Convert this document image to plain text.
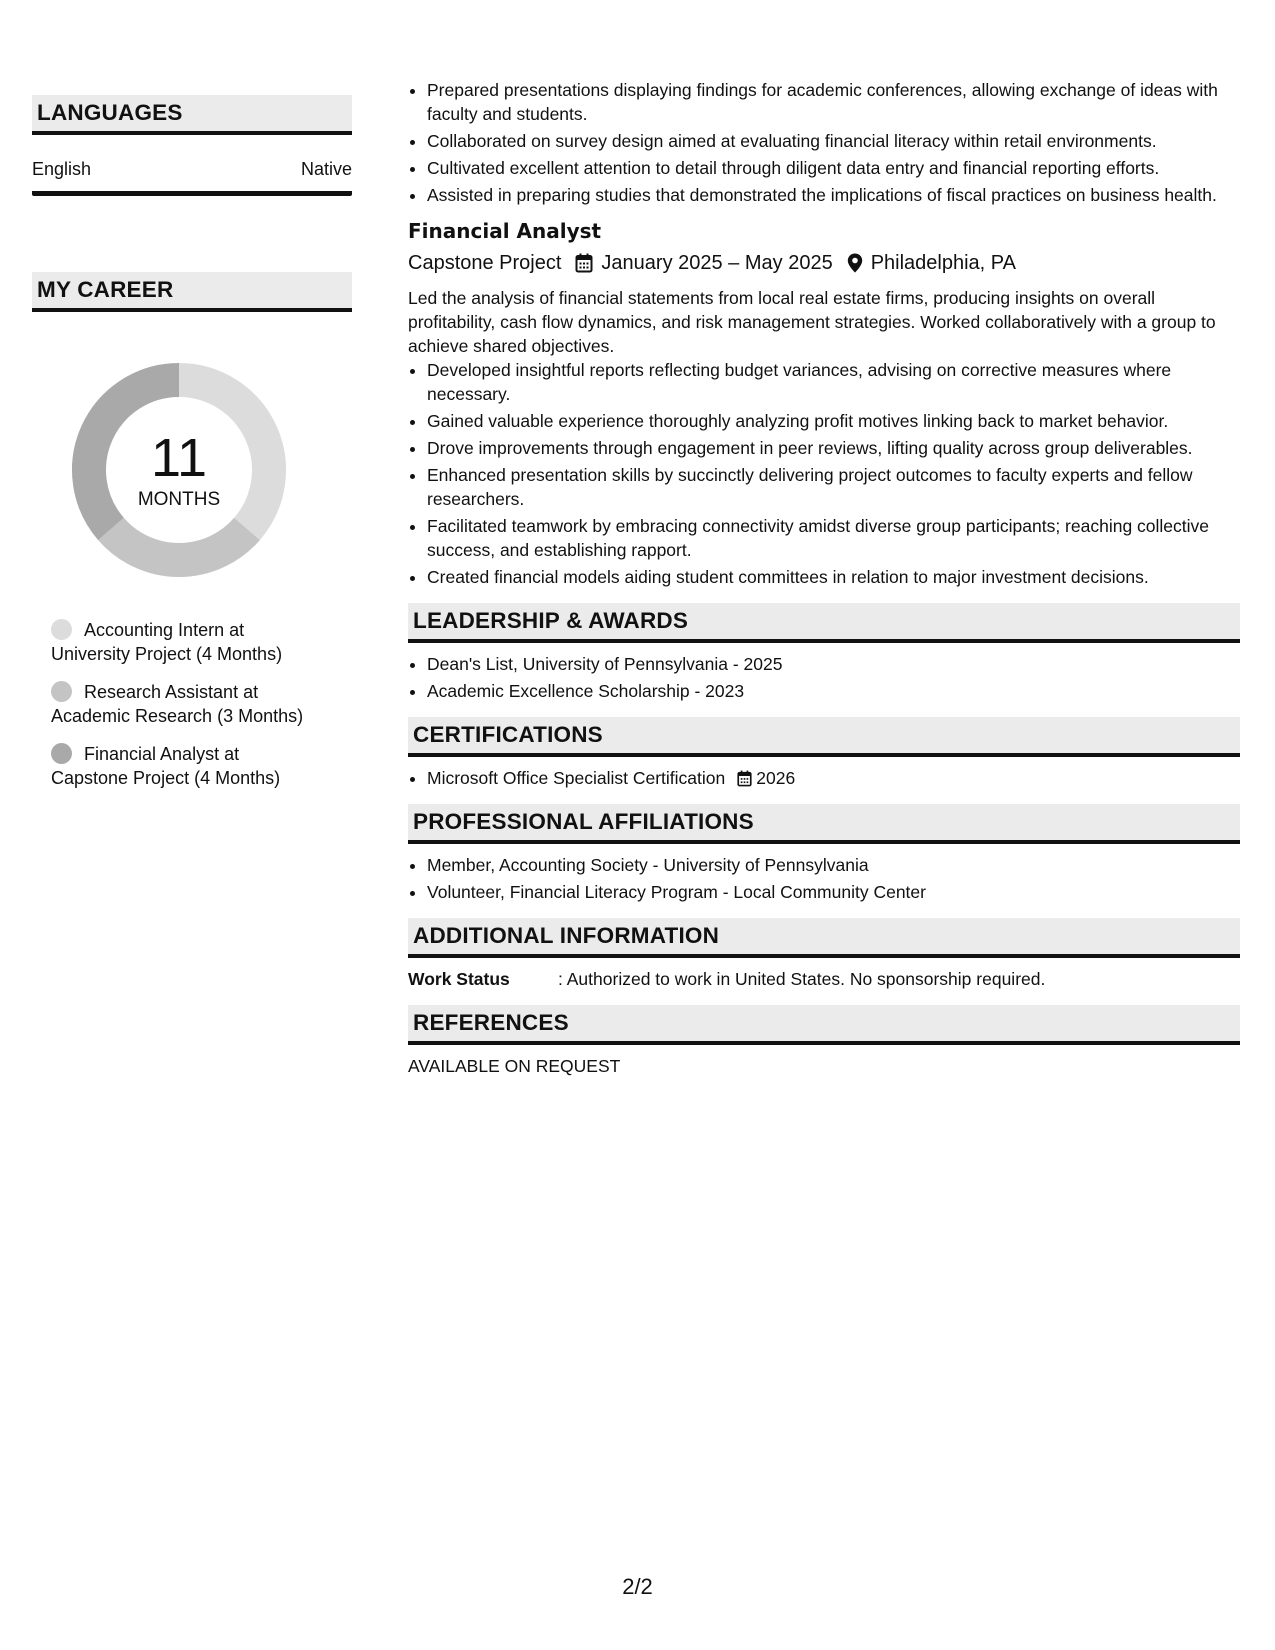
LANGUAGES
English	Native
MY CAREER
11
MONTHS
Accounting Intern at
University Project (4 Months)
Research Assistant at
Academic Research (3 Months)
Financial Analyst at
Capstone Project (4 Months)
• Prepared presentations displaying findings for academic conferences, allowing exchange of ideas with faculty and students.
• Collaborated on survey design aimed at evaluating financial literacy within retail environments.
• Cultivated excellent attention to detail through diligent data entry and financial reporting efforts.
• Assisted in preparing studies that demonstrated the implications of fiscal practices on business health.
Financial Analyst
Capstone Project January 2025 – May 2025 Philadelphia, PA
Led the analysis of financial statements from local real estate firms, producing insights on overall profitability, cash flow dynamics, and risk management strategies. Worked collaboratively with a group to achieve shared objectives.
• Developed insightful reports reflecting budget variances, advising on corrective measures where necessary.
• Gained valuable experience thoroughly analyzing profit motives linking back to market behavior.
• Drove improvements through engagement in peer reviews, lifting quality across group deliverables.
• Enhanced presentation skills by succinctly delivering project outcomes to faculty experts and fellow researchers.
• Facilitated teamwork by embracing connectivity amidst diverse group participants; reaching collective success, and establishing rapport.
• Created financial models aiding student committees in relation to major investment decisions.
LEADERSHIP & AWARDS
• Dean's List, University of Pennsylvania - 2025
• Academic Excellence Scholarship - 2023
CERTIFICATIONS
• Microsoft Office Specialist Certification 2026
PROFESSIONAL AFFILIATIONS
• Member, Accounting Society - University of Pennsylvania
• Volunteer, Financial Literacy Program - Local Community Center
ADDITIONAL INFORMATION
Work Status	: Authorized to work in United States. No sponsorship required.
REFERENCES
AVAILABLE ON REQUEST
2/2
